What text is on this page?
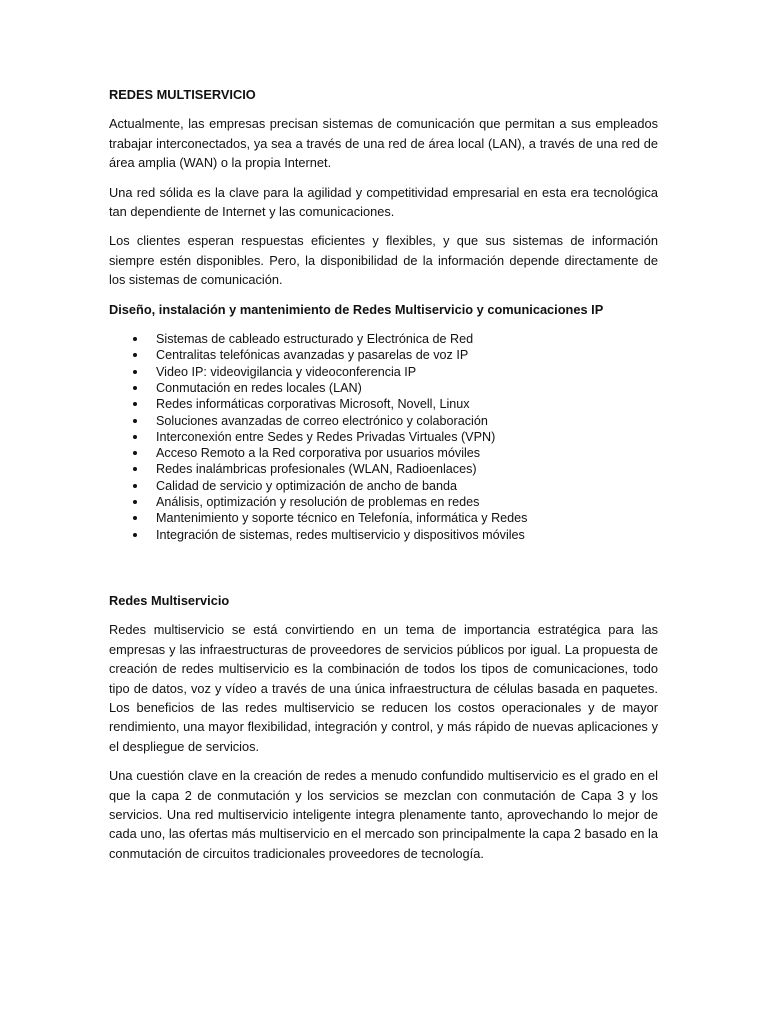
REDES MULTISERVICIO

Actualmente, las empresas precisan sistemas de comunicación que permitan a sus empleados trabajar interconectados, ya sea a través de una red de área local (LAN), a través de una red de área amplia (WAN) o la propia Internet.

Una red sólida es la clave para la agilidad y competitividad empresarial en esta era tecnológica tan dependiente de Internet y las comunicaciones.

Los clientes esperan respuestas eficientes y flexibles, y que sus sistemas de información siempre estén disponibles. Pero, la disponibilidad de la información depende directamente de los sistemas de comunicación.

Diseño, instalación y mantenimiento de Redes Multiservicio y comunicaciones IP
Sistemas de cableado estructurado y Electrónica de Red
Centralitas telefónicas avanzadas y pasarelas de voz IP
Video IP: videovigilancia y videoconferencia IP
Conmutación en redes locales (LAN)
Redes informáticas corporativas Microsoft, Novell, Linux
Soluciones avanzadas de correo electrónico y colaboración
Interconexión entre Sedes y Redes Privadas Virtuales (VPN)
Acceso Remoto a la Red corporativa por usuarios móviles
Redes inalámbricas profesionales (WLAN, Radioenlaces)
Calidad de servicio y optimización de ancho de banda
Análisis, optimización y resolución de problemas en redes
Mantenimiento y soporte técnico en Telefonía, informática y Redes
Integración de sistemas, redes multiservicio y dispositivos móviles
Redes Multiservicio

Redes multiservicio se está convirtiendo en un tema de importancia estratégica para las empresas y las infraestructuras de proveedores de servicios públicos por igual. La propuesta de creación de redes multiservicio es la combinación de todos los tipos de comunicaciones, todo tipo de datos, voz y vídeo a través de una única infraestructura de células basada en paquetes. Los beneficios de las redes multiservicio se reducen los costos operacionales y de mayor rendimiento, una mayor flexibilidad, integración y control, y más rápido de nuevas aplicaciones y el despliegue de servicios.

Una cuestión clave en la creación de redes a menudo confundido multiservicio es el grado en el que la capa 2 de conmutación y los servicios se mezclan con conmutación de Capa 3 y los servicios. Una red multiservicio inteligente integra plenamente tanto, aprovechando lo mejor de cada uno, las ofertas más multiservicio en el mercado son principalmente la capa 2 basado en la conmutación de circuitos tradicionales proveedores de tecnología.
